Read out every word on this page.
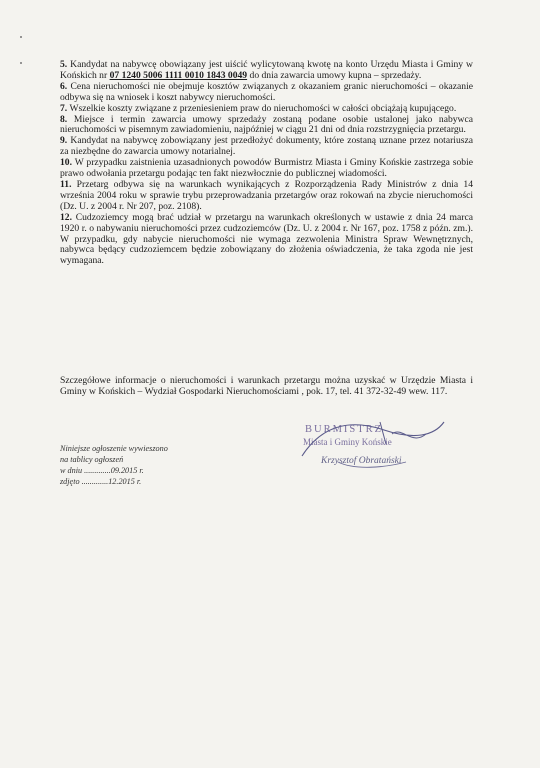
5. Kandydat na nabywcę obowiązany jest uiścić wylicytowaną kwotę na konto Urzędu Miasta i Gminy w Końskich nr 07 1240 5006 1111 0010 1843 0049 do dnia zawarcia umowy kupna – sprzedaży.

6. Cena nieruchomości nie obejmuje kosztów związanych z okazaniem granic nieruchomości – okazanie odbywa się na wniosek i koszt nabywcy nieruchomości.

7. Wszelkie koszty związane z przeniesieniem praw do nieruchomości w całości obciążają kupującego.

8. Miejsce i termin zawarcia umowy sprzedaży zostaną podane osobie ustalonej jako nabywca nieruchomości w pisemnym zawiadomieniu, najpóźniej w ciągu 21 dni od dnia rozstrzygnięcia przetargu.

9. Kandydat na nabywcę zobowiązany jest przedłożyć dokumenty, które zostaną uznane przez notariusza za niezbędne do zawarcia umowy notarialnej.

10. W przypadku zaistnienia uzasadnionych powodów Burmistrz Miasta i Gminy Końskie zastrzega sobie prawo odwołania przetargu podając ten fakt niezwłocznie do publicznej wiadomości.

11. Przetarg odbywa się na warunkach wynikających z Rozporządzenia Rady Ministrów z dnia 14 września 2004 roku w sprawie trybu przeprowadzania przetargów oraz rokowań na zbycie nieruchomości (Dz. U. z 2004 r. Nr 207, poz. 2108).

12. Cudzoziemcy mogą brać udział w przetargu na warunkach określonych w ustawie z dnia 24 marca 1920 r. o nabywaniu nieruchomości przez cudzoziemców (Dz. U. z 2004 r. Nr 167, poz. 1758 z późn. zm.). W przypadku, gdy nabycie nieruchomości nie wymaga zezwolenia Ministra Spraw Wewnętrznych, nabywca będący cudzoziemcem będzie zobowiązany do złożenia oświadczenia, że taka zgoda nie jest wymagana.

Szczegółowe informacje o nieruchomości i warunkach przetargu można uzyskać w Urzędzie Miasta i Gminy w Końskich – Wydział Gospodarki Nieruchomościami , pok. 17, tel. 41 372-32-49 wew. 117.

Niniejsze ogłoszenie wywieszono
na tablicy ogłoszeń
w dniu .............09.2015 r.
zdjęto .............12.2015 r.
BURMISTRZ
Miasta i Gminy Końskie
Krzysztof Obratański
